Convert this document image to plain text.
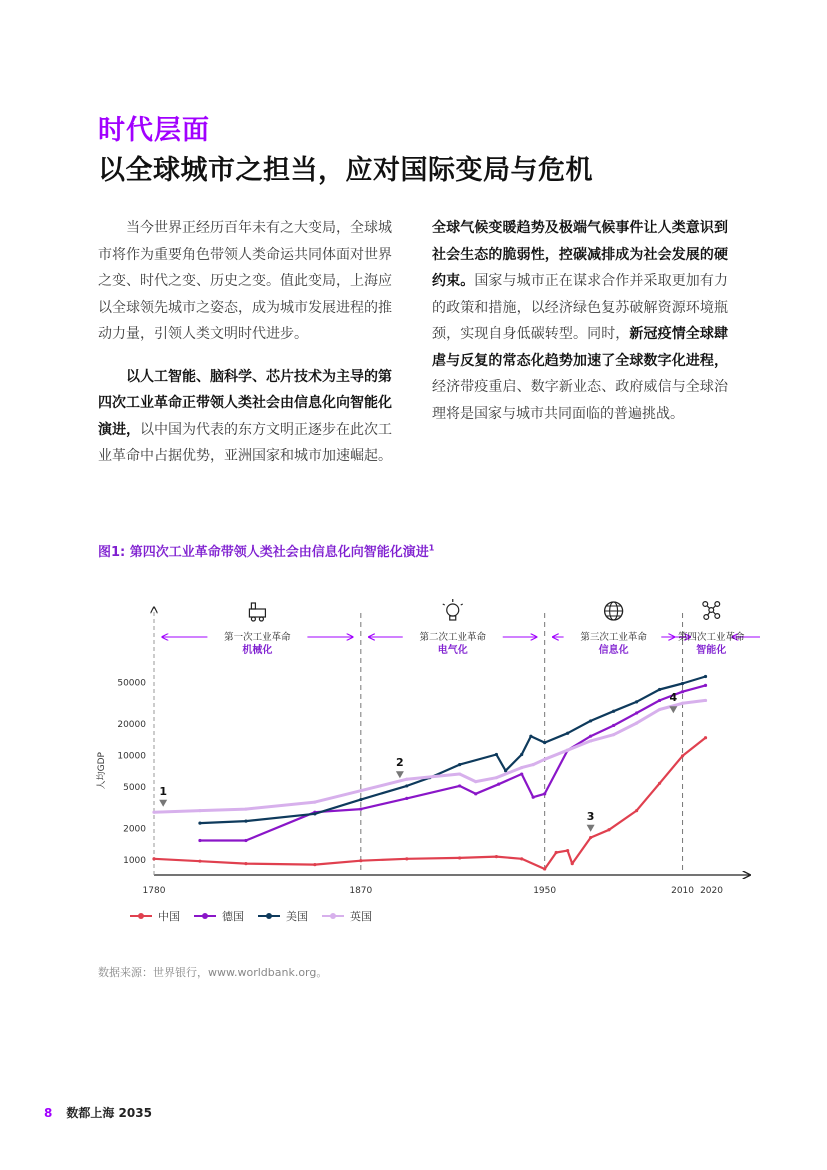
时代层面
以全球城市之担当，应对国际变局与危机

当今世界正经历百年未有之大变局，全球城市将作为重要角色带领人类命运共同体面对世界之变、时代之变、历史之变。值此变局，上海应以全球领先城市之姿态，成为城市发展进程的推动力量，引领人类文明时代进步。

以人工智能、脑科学、芯片技术为主导的第四次工业革命正带领人类社会由信息化向智能化演进，以中国为代表的东方文明正逐步在此次工业革命中占据优势，亚洲国家和城市加速崛起。

全球气候变暖趋势及极端气候事件让人类意识到社会生态的脆弱性，控碳减排成为社会发展的硬约束。国家与城市正在谋求合作并采取更加有力的政策和措施，以经济绿色复苏破解资源环境瓶颈，实现自身低碳转型。同时，新冠疫情全球肆虐与反复的常态化趋势加速了全球数字化进程，经济带疫重启、数字新业态、政府威信与全球治理将是国家与城市共同面临的普遍挑战。

图1: 第四次工业革命带领人类社会由信息化向智能化演进$^1$
1000
2000
5000
10000
20000
50000
人均GDP
1780	1870	1950	2010 2020
第一次工业革命
机械化
第二次工业革命
电气化
第三次工业革命
信息化
第四次工业革命
智能化
1
2
3
4
中国	德国	美国	英国
数据来源：世界银行，www.worldbank.org。
8 数都上海 2035
